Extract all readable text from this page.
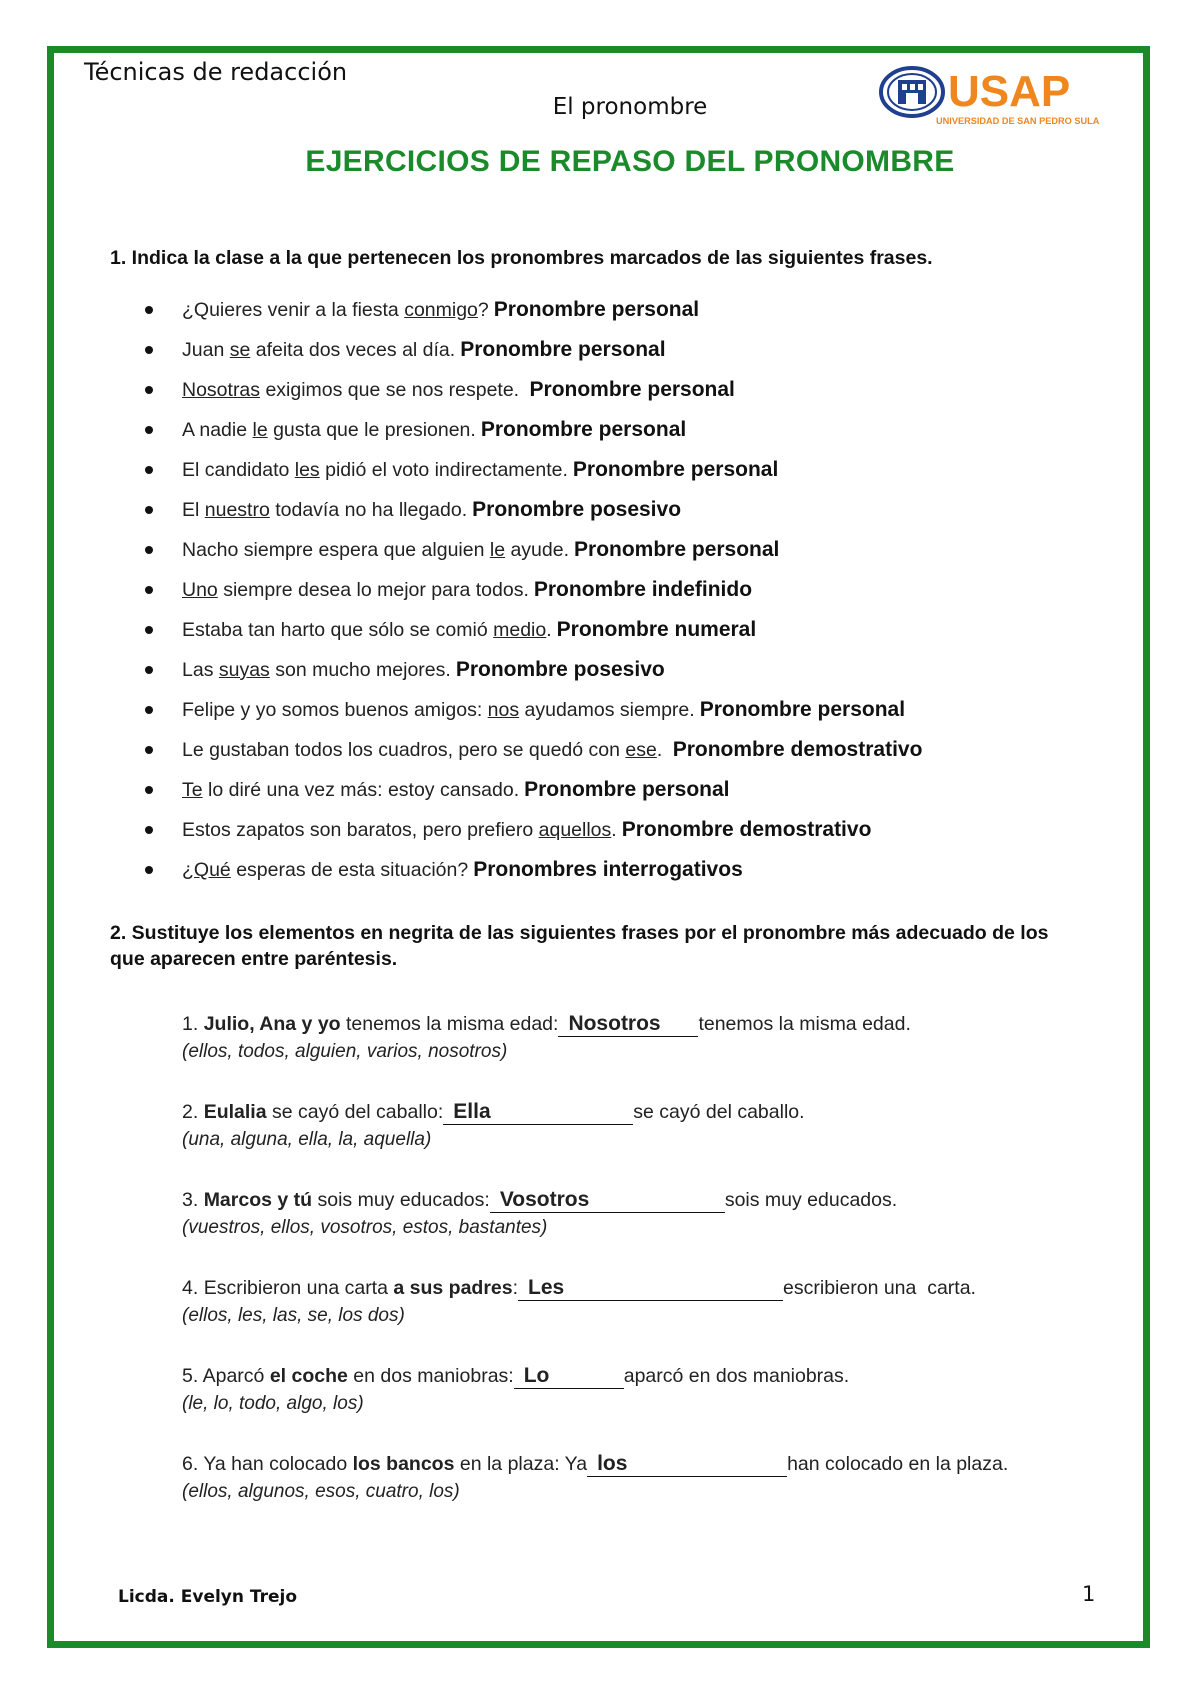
Técnicas de redacción
El pronombre	USAP
UNIVERSIDAD DE SAN PEDRO SULA
EJERCICIOS DE REPASO DEL PRONOMBRE
1. Indica la clase a la que pertenecen los pronombres marcados de las siguientes frases.
¿Quieres venir a la fiesta conmigo ? Pronombre personal
Juan se afeita dos veces al día. Pronombre personal
Nosotras exigimos que se nos respete. Pronombre personal
A nadie le gusta que le presionen. Pronombre personal
El candidato les pidió el voto indirectamente. Pronombre personal
El nuestro todavía no ha llegado. Pronombre posesivo
Nacho siempre espera que alguien le ayude. Pronombre personal
Uno siempre desea lo mejor para todos. Pronombre indefinido
Estaba tan harto que sólo se comió medio . Pronombre numeral
Las suyas son mucho mejores. Pronombre posesivo
Felipe y yo somos buenos amigos: nos ayudamos siempre. Pronombre personal
Le gustaban todos los cuadros, pero se quedó con ese . Pronombre demostrativo
Te lo diré una vez más: estoy cansado. Pronombre personal
Estos zapatos son baratos, pero prefiero aquellos . Pronombre demostrativo
¿Qué esperas de esta situación? Pronombres interrogativos
2. Sustituye los elementos en negrita de las siguientes frases por el pronombre más adecuado de los que aparecen entre paréntesis.
1. Julio, Ana y yo tenemos la misma edad: Nosotros tenemos la misma edad.
(ellos, todos, alguien, varios, nosotros)
2. Eulalia se cayó del caballo: Ella	se cayó del caballo.
(una, alguna, ella, la, aquella)
3. Marcos y tú sois muy educados: Vosotros	sois muy educados.
(vuestros, ellos, vosotros, estos, bastantes)
4. Escribieron una carta a sus padres: Les	escribieron una  carta.
(ellos, les, las, se, los dos)
5. Aparcó el coche en dos maniobras: Lo	aparcó en dos maniobras.
(le, lo, todo, algo, los)
6. Ya han colocado los bancos en la plaza: Ya los	han colocado en la plaza.
(ellos, algunos, esos, cuatro, los)
Licda. Evelyn Trejo	1
